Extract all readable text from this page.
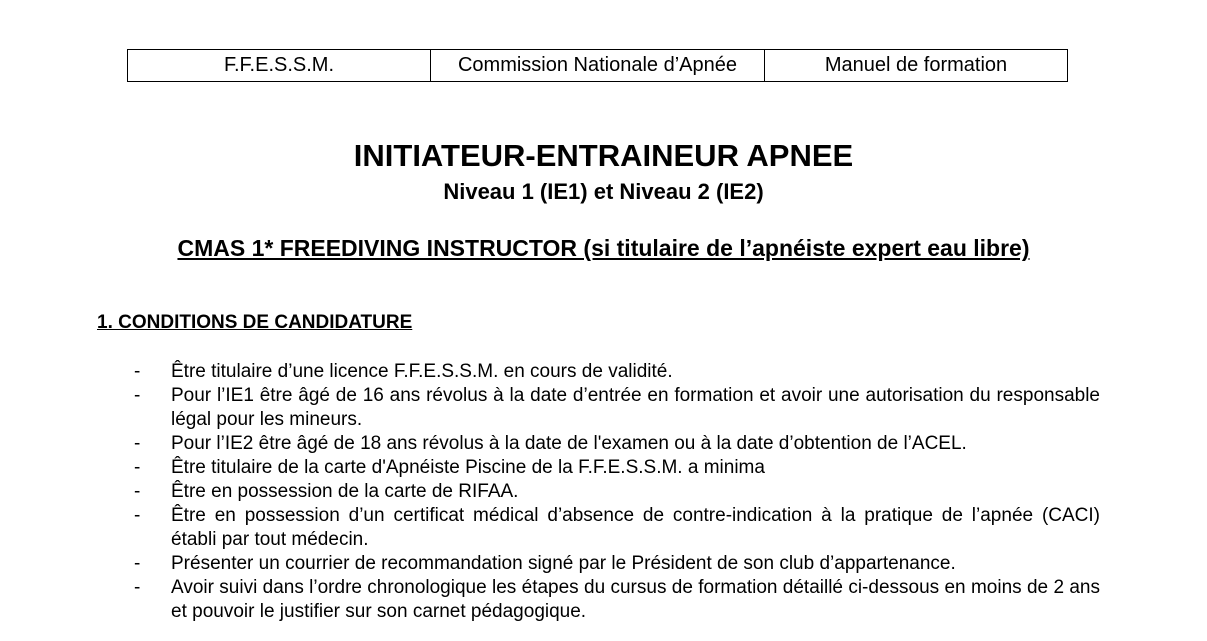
F.F.E.S.S.M.	Commission Nationale d’Apnée	Manuel de formation
INITIATEUR-ENTRAINEUR APNEE
Niveau 1 (IE1) et Niveau 2 (IE2)
CMAS 1* FREEDIVING INSTRUCTOR (si titulaire de l’apnéiste expert eau libre)
1. CONDITIONS DE CANDIDATURE
- Être titulaire d’une licence F.F.E.S.S.M. en cours de validité.
- Pour l’IE1 être âgé de 16 ans révolus à la date d’entrée en formation et avoir une autorisation du responsable légal pour les mineurs.
- Pour l’IE2 être âgé de 18 ans révolus à la date de l'examen ou à la date d’obtention de l’ACEL.
- Être titulaire de la carte d'Apnéiste Piscine de la F.F.E.S.S.M. a minima
- Être en possession de la carte de RIFAA.
- Être en possession d’un certificat médical d’absence de contre-indication à la pratique de l’apnée (CACI) établi par tout médecin.
- Présenter un courrier de recommandation signé par le Président de son club d’appartenance.
- Avoir suivi dans l’ordre chronologique les étapes du cursus de formation détaillé ci-dessous en moins de 2 ans et pouvoir le justifier sur son carnet pédagogique.
